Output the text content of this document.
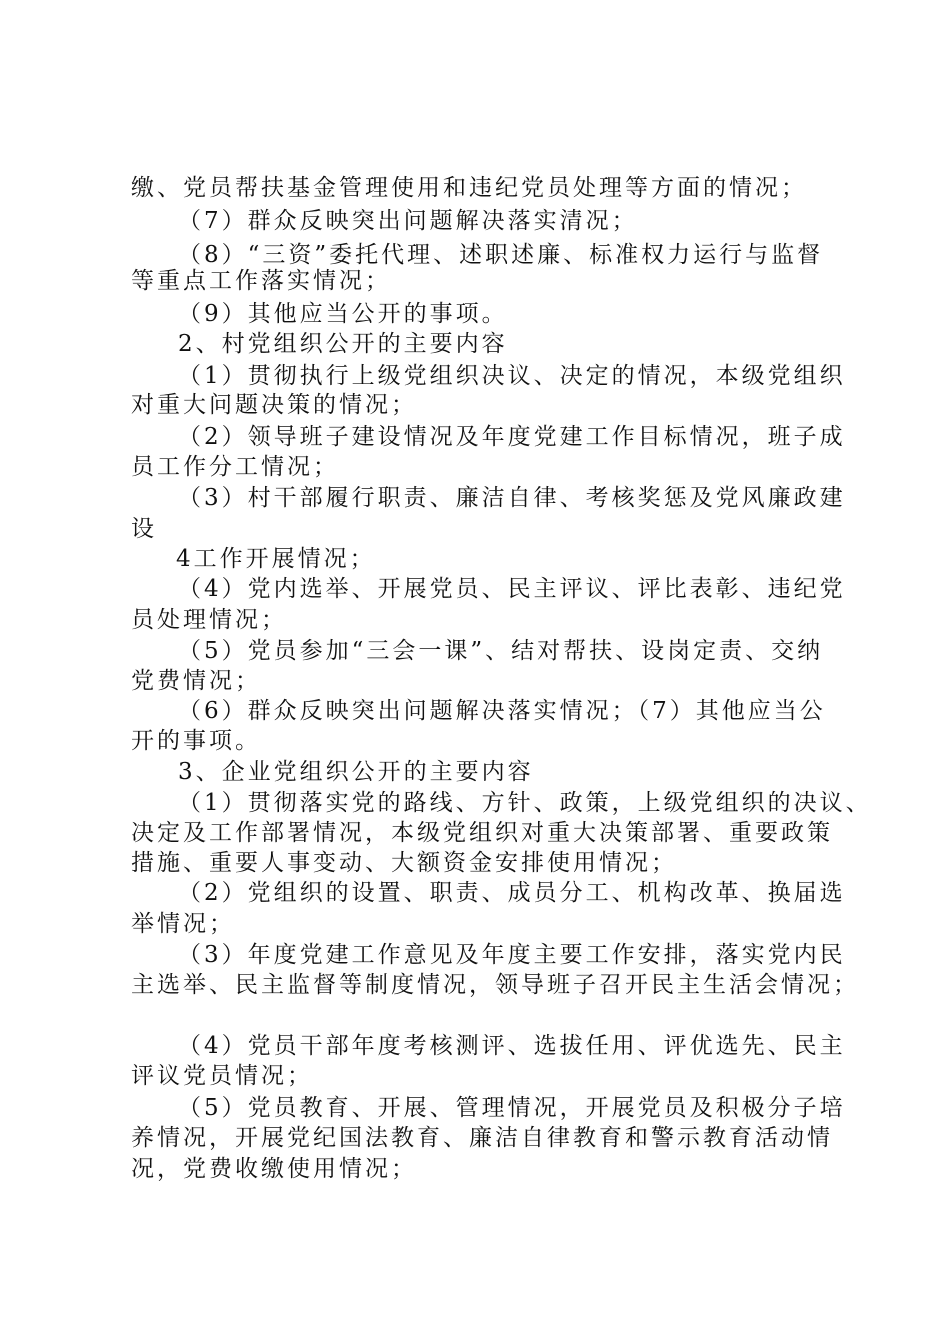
缴、党员帮扶基金管理使用和违纪党员处理等方面的情况；
（7）群众反映突出问题解决落实清况；
（8）“三资”委托代理、述职述廉、标准权力运行与监督
等重点工作落实情况；
（9）其他应当公开的事项。
2、村党组织公开的主要内容
（1）贯彻执行上级党组织决议、决定的情况，本级党组织
对重大问题决策的情况；
（2）领导班子建设情况及年度党建工作目标情况，班子成
员工作分工情况；
（3）村干部履行职责、廉洁自律、考核奖惩及党风廉政建
设
4工作开展情况；
（4）党内选举、开展党员、民主评议、评比表彰、违纪党
员处理情况；
（5）党员参加“三会一课”、结对帮扶、设岗定责、交纳
党费情况；
（6）群众反映突出问题解决落实情况；（7）其他应当公
开的事项。
3、企业党组织公开的主要内容
（1）贯彻落实党的路线、方针、政策，上级党组织的决议、
决定及工作部署情况，本级党组织对重大决策部署、重要政策
措施、重要人事变动、大额资金安排使用情况；
（2）党组织的设置、职责、成员分工、机构改革、换届选
举情况；
（3）年度党建工作意见及年度主要工作安排，落实党内民
主选举、民主监督等制度情况，领导班子召开民主生活会情况；
（4）党员干部年度考核测评、选拔任用、评优选先、民主
评议党员情况；
（5）党员教育、开展、管理情况，开展党员及积极分子培
养情况，开展党纪国法教育、廉洁自律教育和警示教育活动情
况，党费收缴使用情况；
